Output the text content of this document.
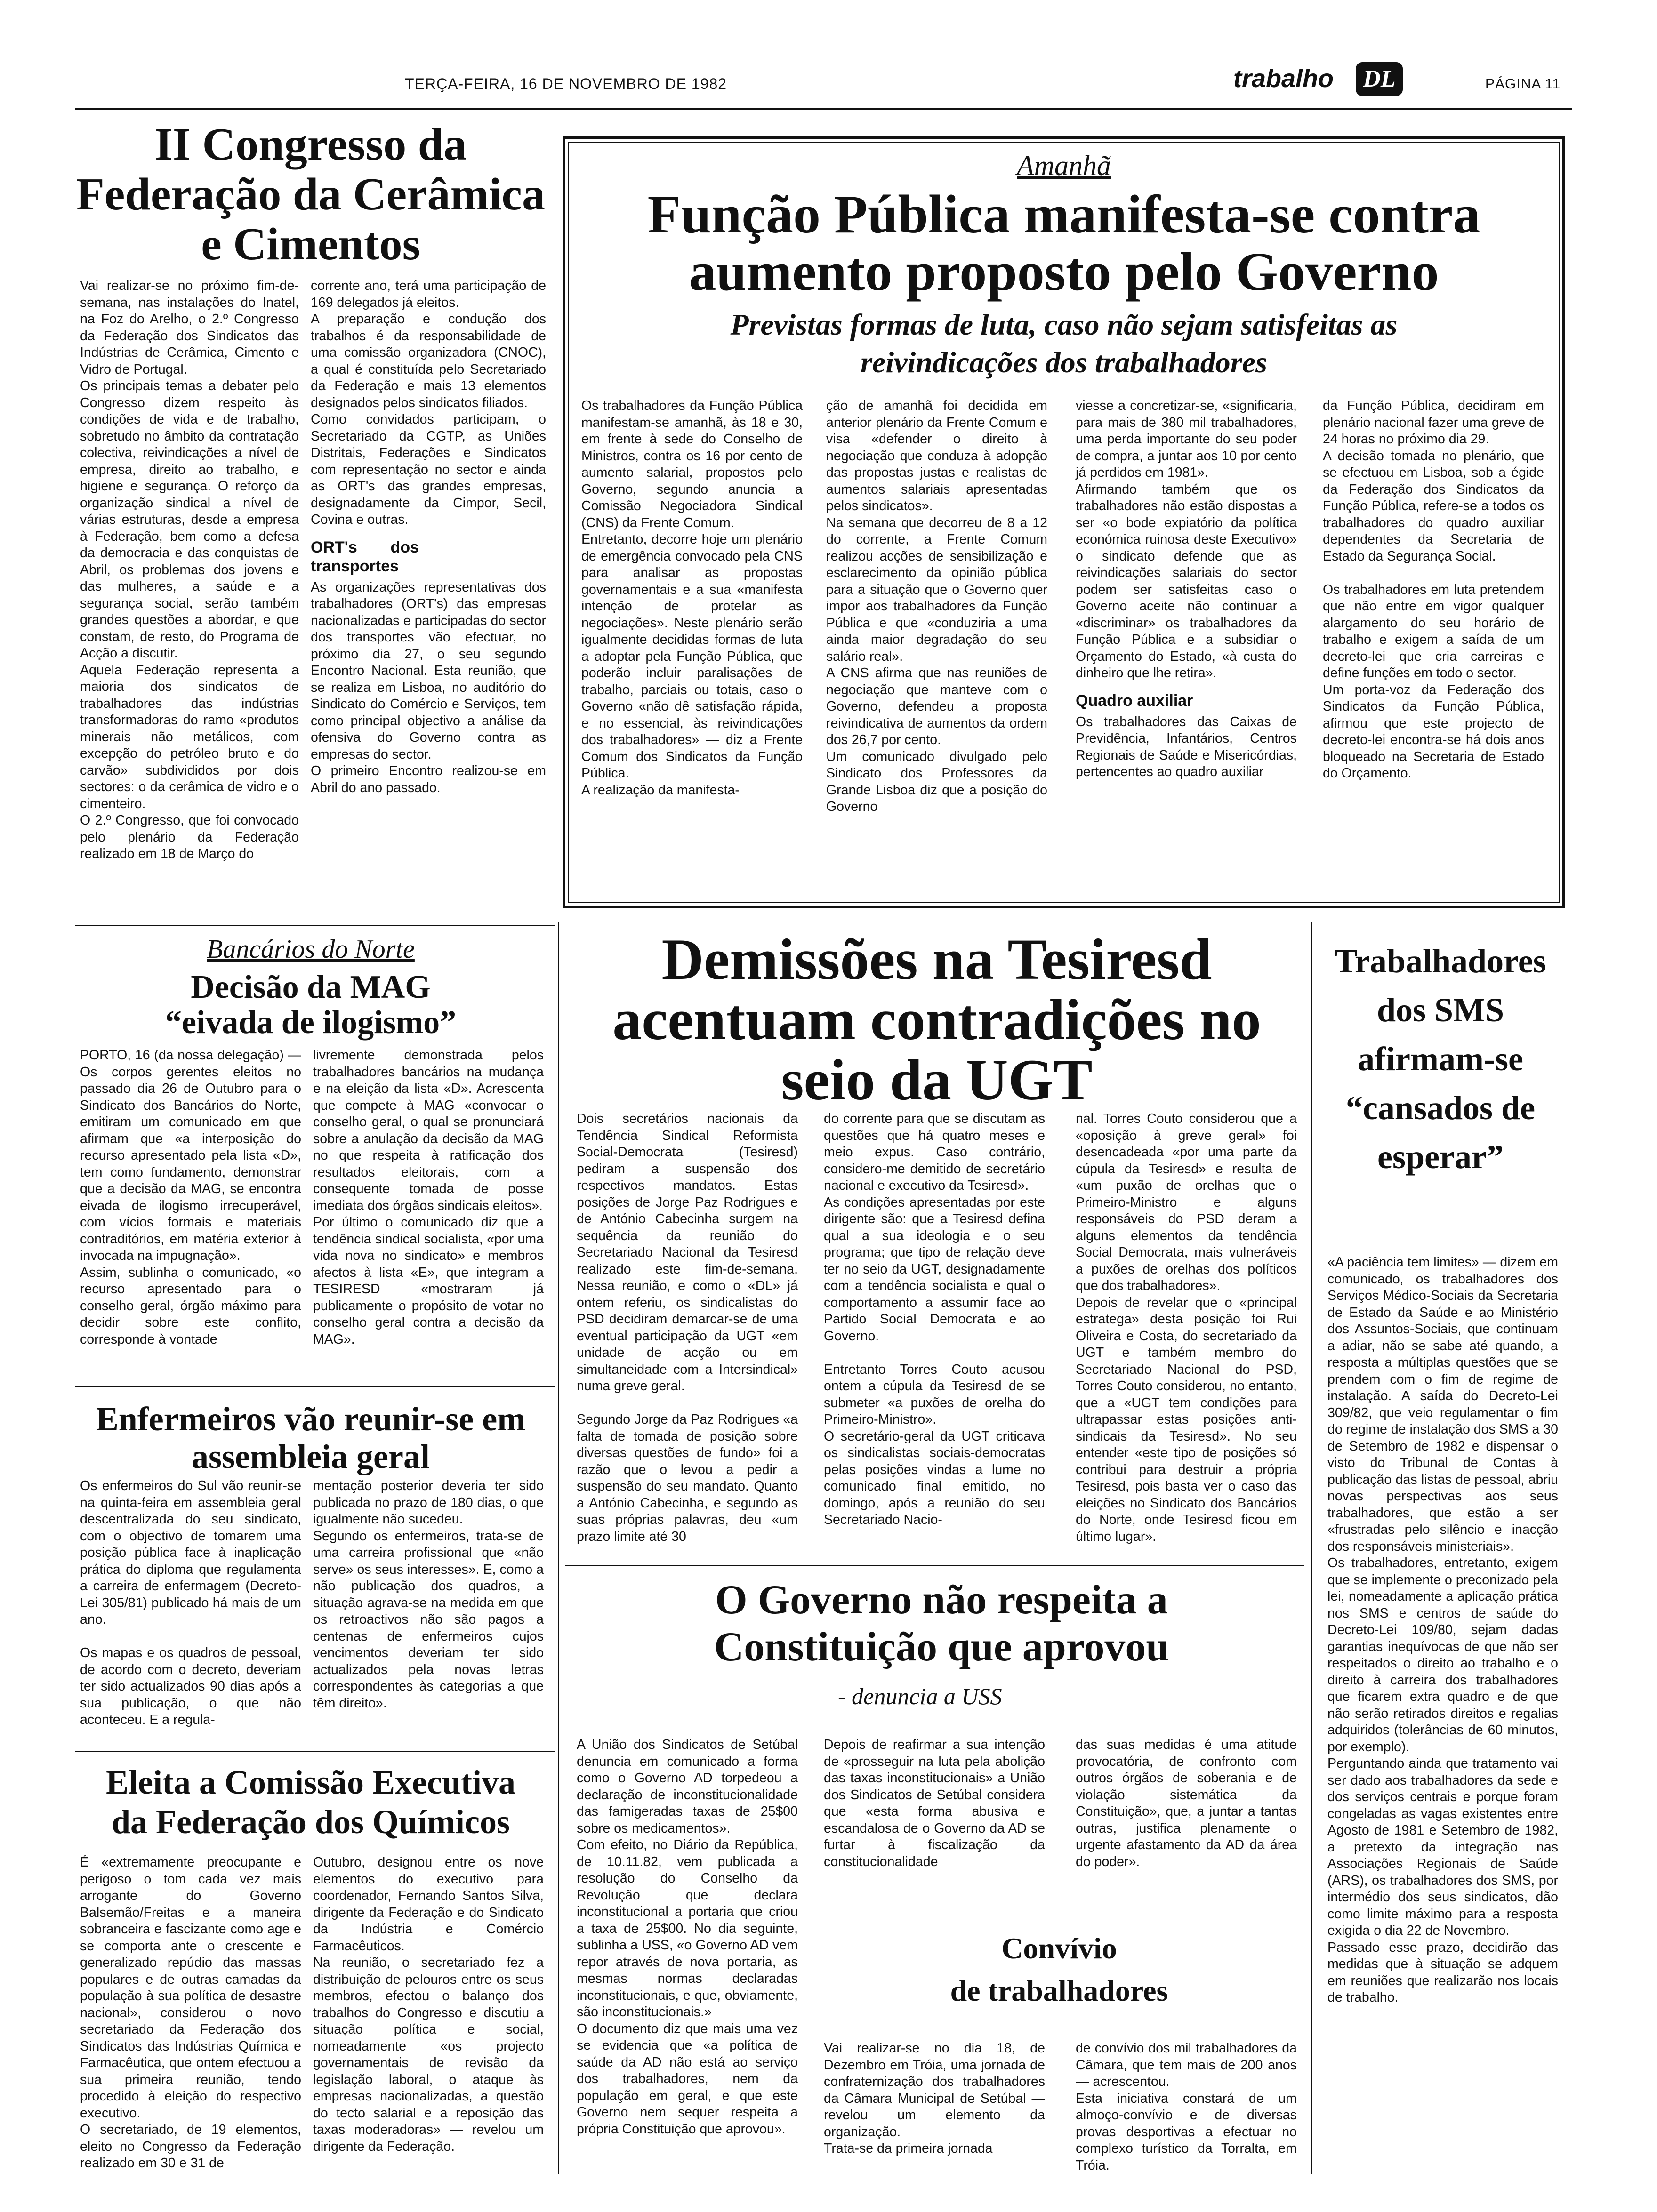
TERÇA-FEIRA, 16 DE NOVEMBRO DE 1982	trabalho DL	PÁGINA 11
II Congresso da Federação da Cerâmica e Cimentos
Vai realizar-se no próximo fim-de-semana, nas instalações do Inatel, na Foz do Arelho, o 2.º Congresso da Federação dos Sindicatos das Indústrias de Cerâmica, Cimento e Vidro de Portugal.
Os principais temas a debater pelo Congresso dizem respeito às condições de vida e de trabalho, sobretudo no âmbito da contratação colectiva, reivindicações a nível de empresa, direito ao trabalho, e higiene e segurança. O reforço da organização sindical a nível de várias estruturas, desde a empresa à Federação, bem como a defesa da democracia e das conquistas de Abril, os problemas dos jovens e das mulheres, a saúde e a segurança social, serão também grandes questões a abordar, e que constam, de resto, do Programa de Acção a discutir.
Aquela Federação representa a maioria dos sindicatos de trabalhadores das indústrias transformadoras do ramo «produtos minerais não metálicos, com excepção do petróleo bruto e do carvão» subdivididos por dois sectores: o da cerâmica de vidro e o cimenteiro.
O 2.º Congresso, que foi convocado pelo plenário da Federação realizado em 18 de Março do
corrente ano, terá uma participação de 169 delegados já eleitos.
A preparação e condução dos trabalhos é da responsabilidade de uma comissão organizadora (CNOC), a qual é constituída pelo Secretariado da Federação e mais 13 elementos designados pelos sindicatos filiados.
Como convidados participam, o Secretariado da CGTP, as Uniões Distritais, Federações e Sindicatos com representação no sector e ainda as ORT's das grandes empresas, designadamente da Cimpor, Secil, Covina e outras.
ORT's dos transportes
As organizações representativas dos trabalhadores (ORT's) das empresas nacionalizadas e participadas do sector dos transportes vão efectuar, no próximo dia 27, o seu segundo Encontro Nacional. Esta reunião, que se realiza em Lisboa, no auditório do Sindicato do Comércio e Serviços, tem como principal objectivo a análise da ofensiva do Governo contra as empresas do sector.
O primeiro Encontro realizou-se em Abril do ano passado.
Amanhã
Função Pública manifesta-se contra aumento proposto pelo Governo
Previstas formas de luta, caso não sejam satisfeitas as reivindicações dos trabalhadores
Os trabalhadores da Função Pública manifestam-se amanhã, às 18 e 30, em frente à sede do Conselho de Ministros, contra os 16 por cento de aumento salarial, propostos pelo Governo, segundo anuncia a Comissão Negociadora Sindical (CNS) da Frente Comum.
Entretanto, decorre hoje um plenário de emergência convocado pela CNS para analisar as propostas governamentais e a sua «manifesta intenção de protelar as negociações». Neste plenário serão igualmente decididas formas de luta a adoptar pela Função Pública, que poderão incluir paralisações de trabalho, parciais ou totais, caso o Governo «não dê satisfação rápida, e no essencial, às reivindicações dos trabalhadores» — diz a Frente Comum dos Sindicatos da Função Pública.
A realização da manifesta-
ção de amanhã foi decidida em anterior plenário da Frente Comum e visa «defender o direito à negociação que conduza à adopção das propostas justas e realistas de aumentos salariais apresentadas pelos sindicatos».
Na semana que decorreu de 8 a 12 do corrente, a Frente Comum realizou acções de sensibilização e esclarecimento da opinião pública para a situação que o Governo quer impor aos trabalhadores da Função Pública e que «conduziria a uma ainda maior degradação do seu salário real».
A CNS afirma que nas reuniões de negociação que manteve com o Governo, defendeu a proposta reivindicativa de aumentos da ordem dos 26,7 por cento.
Um comunicado divulgado pelo Sindicato dos Professores da Grande Lisboa diz que a posição do Governo
viesse a concretizar-se, «significaria, para mais de 380 mil trabalhadores, uma perda importante do seu poder de compra, a juntar aos 10 por cento já perdidos em 1981».
Afirmando também que os trabalhadores não estão dispostas a ser «o bode expiatório da política económica ruinosa deste Executivo» o sindicato defende que as reivindicações salariais do sector podem ser satisfeitas caso o Governo aceite não continuar a «discriminar» os trabalhadores da Função Pública e a subsidiar o Orçamento do Estado, «à custa do dinheiro que lhe retira».
Quadro auxiliar
Os trabalhadores das Caixas de Previdência, Infantários, Centros Regionais de Saúde e Misericórdias, pertencentes ao quadro auxiliar
da Função Pública, decidiram em plenário nacional fazer uma greve de 24 horas no próximo dia 29.
A decisão tomada no plenário, que se efectuou em Lisboa, sob a égide da Federação dos Sindicatos da Função Pública, refere-se a todos os trabalhadores do quadro auxiliar dependentes da Secretaria de Estado da Segurança Social.

Os trabalhadores em luta pretendem que não entre em vigor qualquer alargamento do seu horário de trabalho e exigem a saída de um decreto-lei que cria carreiras e define funções em todo o sector.
Um porta-voz da Federação dos Sindicatos da Função Pública, afirmou que este projecto de decreto-lei encontra-se há dois anos bloqueado na Secretaria de Estado do Orçamento.
Bancários do Norte
Decisão da MAG
“eivada de ilogismo”
PORTO, 16 (da nossa delegação) — Os corpos gerentes eleitos no passado dia 26 de Outubro para o Sindicato dos Bancários do Norte, emitiram um comunicado em que afirmam que «a interposição do recurso apresentado pela lista «D», tem como fundamento, demonstrar que a decisão da MAG, se encontra eivada de ilogismo irrecuperável, com vícios formais e materiais contraditórios, em matéria exterior à invocada na impugnação».
Assim, sublinha o comunicado, «o recurso apresentado para o conselho geral, órgão máximo para decidir sobre este conflito, corresponde à vontade
livremente demonstrada pelos trabalhadores bancários na mudança e na eleição da lista «D». Acrescenta que compete à MAG «convocar o conselho geral, o qual se pronunciará sobre a anulação da decisão da MAG no que respeita à ratificação dos resultados eleitorais, com a consequente tomada de posse imediata dos órgãos sindicais eleitos».
Por último o comunicado diz que a tendência sindical socialista, «por uma vida nova no sindicato» e membros afectos à lista «E», que integram a TESIRESD «mostraram já publicamente o propósito de votar no conselho geral contra a decisão da MAG».
Enfermeiros vão reunir-se em assembleia geral
Os enfermeiros do Sul vão reunir-se na quinta-feira em assembleia geral descentralizada do seu sindicato, com o objectivo de tomarem uma posição pública face à inaplicação prática do diploma que regulamenta a carreira de enfermagem (Decreto-Lei 305/81) publicado há mais de um ano.

Os mapas e os quadros de pessoal, de acordo com o decreto, deveriam ter sido actualizados 90 dias após a sua publicação, o que não aconteceu. E a regula-
mentação posterior deveria ter sido publicada no prazo de 180 dias, o que igualmente não sucedeu.
Segundo os enfermeiros, trata-se de uma carreira profissional que «não serve» os seus interesses». E, como a não publicação dos quadros, a situação agrava-se na medida em que os retroactivos não são pagos a centenas de enfermeiros cujos vencimentos deveriam ter sido actualizados pela novas letras correspondentes às categorias a que têm direito».
Eleita a Comissão Executiva da Federação dos Químicos
É «extremamente preocupante e perigoso o tom cada vez mais arrogante do Governo Balsemão/Freitas e a maneira sobranceira e fascizante como age e se comporta ante o crescente e generalizado repúdio das massas populares e de outras camadas da população à sua política de desastre nacional», considerou o novo secretariado da Federação dos Sindicatos das Indústrias Química e Farmacêutica, que ontem efectuou a sua primeira reunião, tendo procedido à eleição do respectivo executivo.
O secretariado, de 19 elementos, eleito no Congresso da Federação realizado em 30 e 31 de
Outubro, designou entre os nove elementos do executivo para coordenador, Fernando Santos Silva, dirigente da Federação e do Sindicato da Indústria e Comércio Farmacêuticos.
Na reunião, o secretariado fez a distribuição de pelouros entre os seus membros, efectou o balanço dos trabalhos do Congresso e discutiu a situação política e social, nomeadamente «os projecto governamentais de revisão da legislação laboral, o ataque às empresas nacionalizadas, a questão do tecto salarial e a reposição das taxas moderadoras» — revelou um dirigente da Federação.
Demissões na Tesiresd acentuam contradições no seio da UGT
Dois secretários nacionais da Tendência Sindical Reformista Social-Democrata (Tesiresd) pediram a suspensão dos respectivos mandatos. Estas posições de Jorge Paz Rodrigues e de António Cabecinha surgem na sequência da reunião do Secretariado Nacional da Tesiresd realizado este fim-de-semana. Nessa reunião, e como o «DL» já ontem referiu, os sindicalistas do PSD decidiram demarcar-se de uma eventual participação da UGT «em unidade de acção ou em simultaneidade com a Intersindical» numa greve geral.

Segundo Jorge da Paz Rodrigues «a falta de tomada de posição sobre diversas questões de fundo» foi a razão que o levou a pedir a suspensão do seu mandato. Quanto a António Cabecinha, e segundo as suas próprias palavras, deu «um prazo limite até 30
do corrente para que se discutam as questões que há quatro meses e meio expus. Caso contrário, considero-me demitido de secretário nacional e executivo da Tesiresd».
As condições apresentadas por este dirigente são: que a Tesiresd defina qual a sua ideologia e o seu programa; que tipo de relação deve ter no seio da UGT, designadamente com a tendência socialista e qual o comportamento a assumir face ao Partido Social Democrata e ao Governo.

Entretanto Torres Couto acusou ontem a cúpula da Tesiresd de se submeter «a puxões de orelha do Primeiro-Ministro».
O secretário-geral da UGT criticava os sindicalistas sociais-democratas pelas posições vindas a lume no comunicado final emitido, no domingo, após a reunião do seu Secretariado Nacio-
nal. Torres Couto considerou que a «oposição à greve geral» foi desencadeada «por uma parte da cúpula da Tesiresd» e resulta de «um puxão de orelhas que o Primeiro-Ministro e alguns responsáveis do PSD deram a alguns elementos da tendência Social Democrata, mais vulneráveis a puxões de orelhas dos políticos que dos trabalhadores».
Depois de revelar que o «principal estratega» desta posição foi Rui Oliveira e Costa, do secretariado da UGT e também membro do Secretariado Nacional do PSD, Torres Couto considerou, no entanto, que a «UGT tem condições para ultrapassar estas posições anti-sindicais da Tesiresd». No seu entender «este tipo de posições só contribui para destruir a própria Tesiresd, pois basta ver o caso das eleições no Sindicato dos Bancários do Norte, onde Tesiresd ficou em último lugar».
O Governo não respeita a Constituição que aprovou
- denuncia a USS
A União dos Sindicatos de Setúbal denuncia em comunicado a forma como o Governo AD torpedeou a declaração de inconstitucionalidade das famigeradas taxas de 25$00 sobre os medicamentos».
Com efeito, no Diário da República, de 10.11.82, vem publicada a resolução do Conselho da Revolução que declara inconstitucional a portaria que criou a taxa de 25$00. No dia seguinte, sublinha a USS, «o Governo AD vem repor através de nova portaria, as mesmas normas declaradas inconstitucionais, e que, obviamente, são inconstitucionais.»
O documento diz que mais uma vez se evidencia que «a política de saúde da AD não está ao serviço dos trabalhadores, nem da população em geral, e que este Governo nem sequer respeita a própria Constituição que aprovou».
Depois de reafirmar a sua intenção de «prosseguir na luta pela abolição das taxas inconstitucionais» a União dos Sindicatos de Setúbal considera que «esta forma abusiva e escandalosa de o Governo da AD se furtar à fiscalização da constitucionalidade
das suas medidas é uma atitude provocatória, de confronto com outros órgãos de soberania e de violação sistemática da Constituição», que, a juntar a tantas outras, justifica plenamente o urgente afastamento da AD da área do poder».
Convívio
de trabalhadores
Vai realizar-se no dia 18, de Dezembro em Tróia, uma jornada de confraternização dos trabalhadores da Câmara Municipal de Setúbal — revelou um elemento da organização.
Trata-se da primeira jornada
de convívio dos mil trabalhadores da Câmara, que tem mais de 200 anos — acrescentou.
Esta iniciativa constará de um almoço-convívio e de diversas provas desportivas a efectuar no complexo turístico da Torralta, em Tróia.
Trabalhadores dos SMS afirmam-se “cansados de esperar”
«A paciência tem limites» — dizem em comunicado, os trabalhadores dos Serviços Médico-Sociais da Secretaria de Estado da Saúde e ao Ministério dos Assuntos-Sociais, que continuam a adiar, não se sabe até quando, a resposta a múltiplas questões que se prendem com o fim de regime de instalação. A saída do Decreto-Lei 309/82, que veio regulamentar o fim do regime de instalação dos SMS a 30 de Setembro de 1982 e dispensar o visto do Tribunal de Contas à publicação das listas de pessoal, abriu novas perspectivas aos seus trabalhadores, que estão a ser «frustradas pelo silêncio e inacção dos responsáveis ministeriais».
Os trabalhadores, entretanto, exigem que se implemente o preconizado pela lei, nomeadamente a aplicação prática nos SMS e centros de saúde do Decreto-Lei 109/80, sejam dadas garantias inequívocas de que não ser respeitados o direito ao trabalho e o direito à carreira dos trabalhadores que ficarem extra quadro e de que não serão retirados direitos e regalias adquiridos (tolerâncias de 60 minutos, por exemplo).
Perguntando ainda que tratamento vai ser dado aos trabalhadores da sede e dos serviços centrais e porque foram congeladas as vagas existentes entre Agosto de 1981 e Setembro de 1982, a pretexto da integração nas Associações Regionais de Saúde (ARS), os trabalhadores dos SMS, por intermédio dos seus sindicatos, dão como limite máximo para a resposta exigida o dia 22 de Novembro.
Passado esse prazo, decidirão das medidas que à situação se adquem em reuniões que realizarão nos locais de trabalho.
